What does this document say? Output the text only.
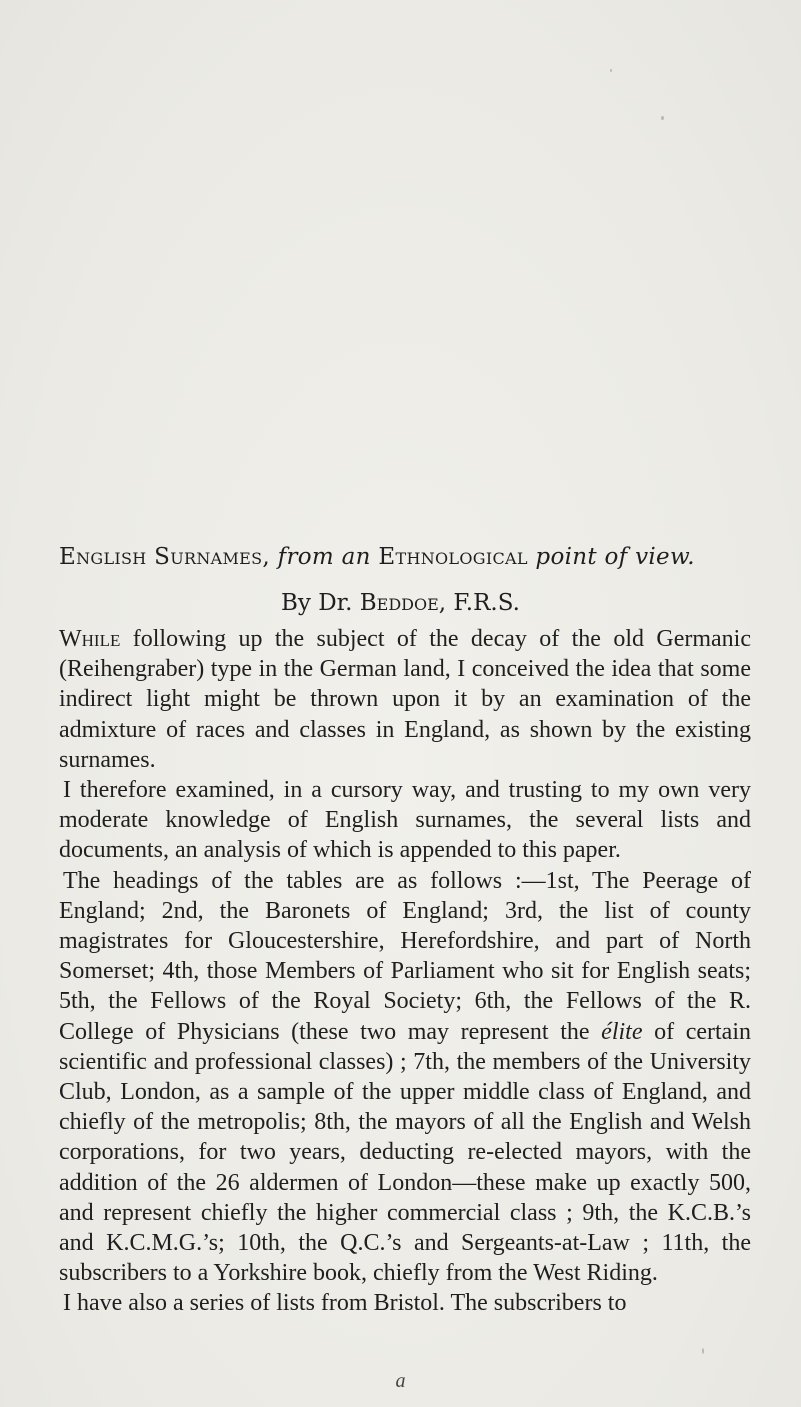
English Surnames, from an Ethnological point of view.
By Dr. Beddoe, F.R.S.

While following up the subject of the decay of the old Germanic (Reihengraber) type in the German land, I conceived the idea that some indirect light might be thrown upon it by an examination of the admixture of races and classes in England, as shown by the existing surnames.

I therefore examined, in a cursory way, and trusting to my own very moderate knowledge of English surnames, the several lists and documents, an analysis of which is appended to this paper.

The headings of the tables are as follows :—1st, The Peerage of England; 2nd, the Baronets of England; 3rd, the list of county magistrates for Gloucestershire, Herefordshire, and part of North Somerset; 4th, those Members of Parliament who sit for English seats; 5th, the Fellows of the Royal Society; 6th, the Fellows of the R. College of Physicians (these two may represent the élite of certain scientific and professional classes) ; 7th, the members of the University Club, London, as a sample of the upper middle class of England, and chiefly of the metropolis; 8th, the mayors of all the English and Welsh corporations, for two years, deducting re-elected mayors, with the addition of the 26 aldermen of London—these make up exactly 500, and represent chiefly the higher commercial class ; 9th, the K.C.B.’s and K.C.M.G.’s; 10th, the Q.C.’s and Sergeants-at-Law ; 11th, the subscribers to a Yorkshire book, chiefly from the West Riding.

I have also a series of lists from Bristol. The subscribers to

a
